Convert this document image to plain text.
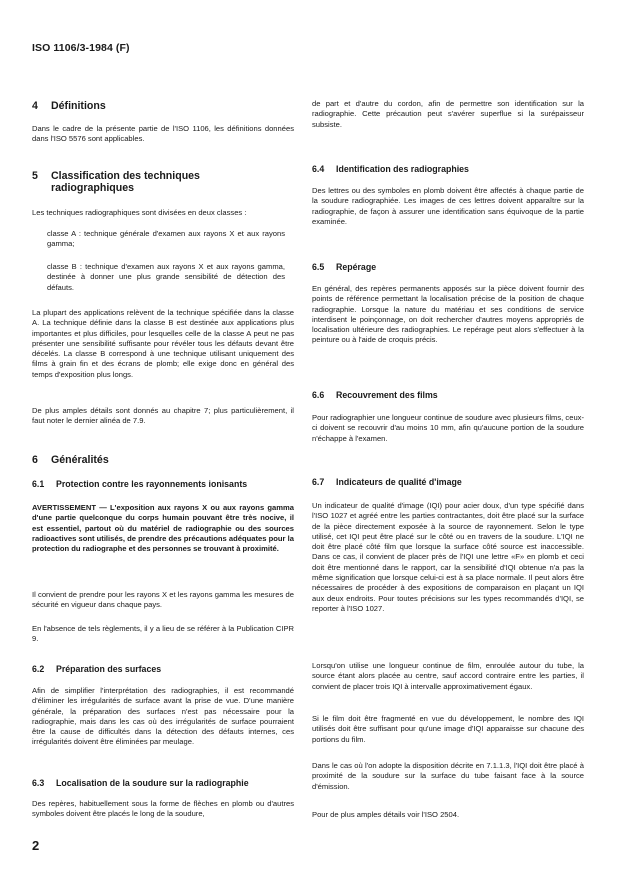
ISO 1106/3-1984 (F)
4 Définitions

Dans le cadre de la présente partie de l'ISO 1106, les définitions données dans l'ISO 5576 sont applicables.

5 Classification des techniques radiographiques

Les techniques radiographiques sont divisées en deux classes :

classe A : technique générale d'examen aux rayons X et aux rayons gamma;

classe B : technique d'examen aux rayons X et aux rayons gamma, destinée à donner une plus grande sensibilité de détection des défauts.

La plupart des applications relèvent de la technique spécifiée dans la classe A. La technique définie dans la classe B est destinée aux applications plus importantes et plus difficiles, pour lesquelles celle de la classe A peut ne pas présenter une sensibilité suffisante pour révéler tous les défauts devant être décelés. La classe B correspond à une technique utilisant uniquement des films à grain fin et des écrans de plomb; elle exige donc en général des temps d'exposition plus longs.

De plus amples détails sont donnés au chapitre 7; plus particulièrement, il faut noter le dernier alinéa de 7.9.

6 Généralités
6.1 Protection contre les rayonnements ionisants

AVERTISSEMENT — L'exposition aux rayons X ou aux rayons gamma d'une partie quelconque du corps humain pouvant être très nocive, il est essentiel, partout où du matériel de radiographie ou des sources radioactives sont utilisés, de prendre des précautions adéquates pour la protection du radiographe et des personnes se trouvant à proximité.

Il convient de prendre pour les rayons X et les rayons gamma les mesures de sécurité en vigueur dans chaque pays.

En l'absence de tels règlements, il y a lieu de se référer à la Publication CIPR 9.

6.2 Préparation des surfaces

Afin de simplifier l'interprétation des radiographies, il est recommandé d'éliminer les irrégularités de surface avant la prise de vue. D'une manière générale, la préparation des surfaces n'est pas nécessaire pour la radiographie, mais dans les cas où des irrégularités de surface pourraient être la cause de difficultés dans la détection des défauts internes, ces irrégularités doivent être éliminées par meulage.

6.3 Localisation de la soudure sur la radiographie

Des repères, habituellement sous la forme de flèches en plomb ou d'autres symboles doivent être placés le long de la soudure,

de part et d'autre du cordon, afin de permettre son identification sur la radiographie. Cette précaution peut s'avérer superflue si la surépaisseur subsiste.

6.4 Identification des radiographies

Des lettres ou des symboles en plomb doivent être affectés à chaque partie de la soudure radiographiée. Les images de ces lettres doivent apparaître sur la radiographie, de façon à assurer une identification sans équivoque de la partie examinée.

6.5 Repérage

En général, des repères permanents apposés sur la pièce doivent fournir des points de référence permettant la localisation précise de la position de chaque radiographie. Lorsque la nature du matériau et ses conditions de service interdisent le poinçonnage, on doit rechercher d'autres moyens appropriés de localisation ultérieure des radiographies. Le repérage peut alors s'effectuer à la peinture ou à l'aide de croquis précis.

6.6 Recouvrement des films

Pour radiographier une longueur continue de soudure avec plusieurs films, ceux-ci doivent se recouvrir d'au moins 10 mm, afin qu'aucune portion de la soudure n'échappe à l'examen.

6.7 Indicateurs de qualité d'image

Un indicateur de qualité d'image (IQI) pour acier doux, d'un type spécifié dans l'ISO 1027 et agréé entre les parties contractantes, doit être placé sur la surface de la pièce directement exposée à la source de rayonnement. Selon le type utilisé, cet IQI peut être placé sur le côté ou en travers de la soudure. L'IQI ne doit être placé côté film que lorsque la surface côté source est inaccessible. Dans ce cas, il convient de placer près de l'IQI une lettre «F» en plomb et ceci doit être mentionné dans le rapport, car la sensibilité d'IQI obtenue n'a pas la même signification que lorsque celui-ci est à sa place normale. Il peut alors être nécessaires de procéder à des expositions de comparaison en plaçant un IQI aux deux endroits. Pour toutes précisions sur les types recommandés d'IQI, se reporter à l'ISO 1027.

Lorsqu'on utilise une longueur continue de film, enroulée autour du tube, la source étant alors placée au centre, sauf accord contraire entre les parties, il convient de placer trois IQI à intervalle approximativement égaux.

Si le film doit être fragmenté en vue du développement, le nombre des IQI utilisés doit être suffisant pour qu'une image d'IQI apparaisse sur chacune des portions du film.

Dans le cas où l'on adopte la disposition décrite en 7.1.1.3, l'IQI doit être placé à proximité de la soudure sur la surface du tube faisant face à la source d'émission.

Pour de plus amples détails voir l'ISO 2504.

2
